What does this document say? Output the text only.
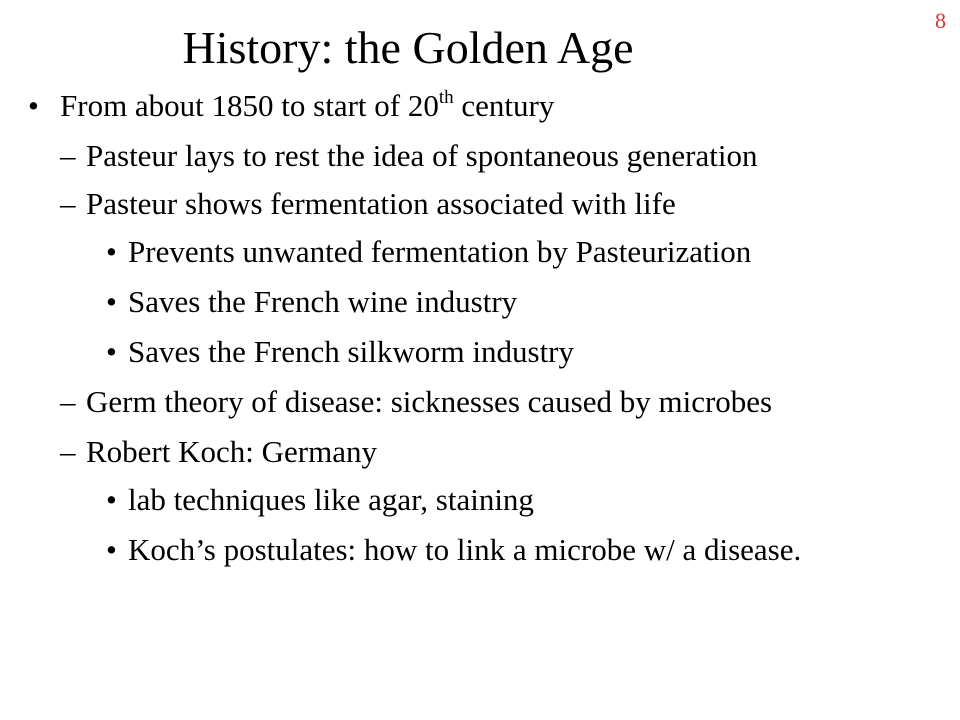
8
History: the Golden Age
• From about 1850 to start of 20th century
– Pasteur lays to rest the idea of spontaneous generation
– Pasteur shows fermentation associated with life
• Prevents unwanted fermentation by Pasteurization
• Saves the French wine industry
• Saves the French silkworm industry
– Germ theory of disease: sicknesses caused by microbes
– Robert Koch: Germany
• lab techniques like agar, staining
• Koch’s postulates: how to link a microbe w/ a disease.
